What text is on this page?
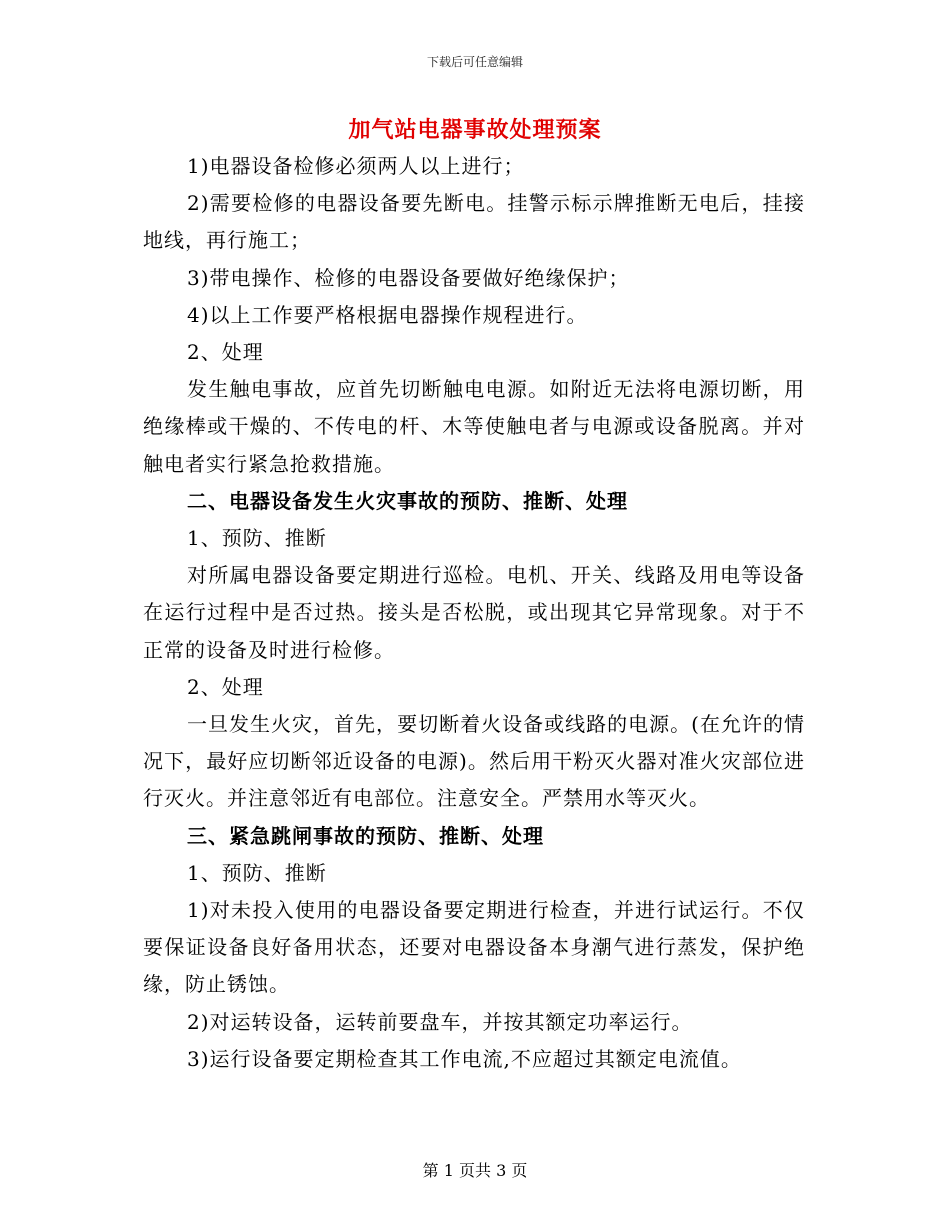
下载后可任意编辑
加气站电器事故处理预案

1)电器设备检修必须两人以上进行；

2)需要检修的电器设备要先断电。挂警示标示牌推断无电后，挂接地线，再行施工；

3)带电操作、检修的电器设备要做好绝缘保护；

4)以上工作要严格根据电器操作规程进行。

2、处理

发生触电事故，应首先切断触电电源。如附近无法将电源切断，用绝缘棒或干燥的、不传电的杆、木等使触电者与电源或设备脱离。并对触电者实行紧急抢救措施。

二、电器设备发生火灾事故的预防、推断、处理

1、预防、推断

对所属电器设备要定期进行巡检。电机、开关、线路及用电等设备在运行过程中是否过热。接头是否松脱，或出现其它异常现象。对于不正常的设备及时进行检修。

2、处理

一旦发生火灾，首先，要切断着火设备或线路的电源。(在允许的情况下，最好应切断邻近设备的电源)。然后用干粉灭火器对准火灾部位进行灭火。并注意邻近有电部位。注意安全。严禁用水等灭火。

三、紧急跳闸事故的预防、推断、处理

1、预防、推断

1)对未投入使用的电器设备要定期进行检查，并进行试运行。不仅要保证设备良好备用状态，还要对电器设备本身潮气进行蒸发，保护绝缘，防止锈蚀。

2)对运转设备，运转前要盘车，并按其额定功率运行。

3)运行设备要定期检查其工作电流,不应超过其额定电流值。

第 1 页共 3 页
